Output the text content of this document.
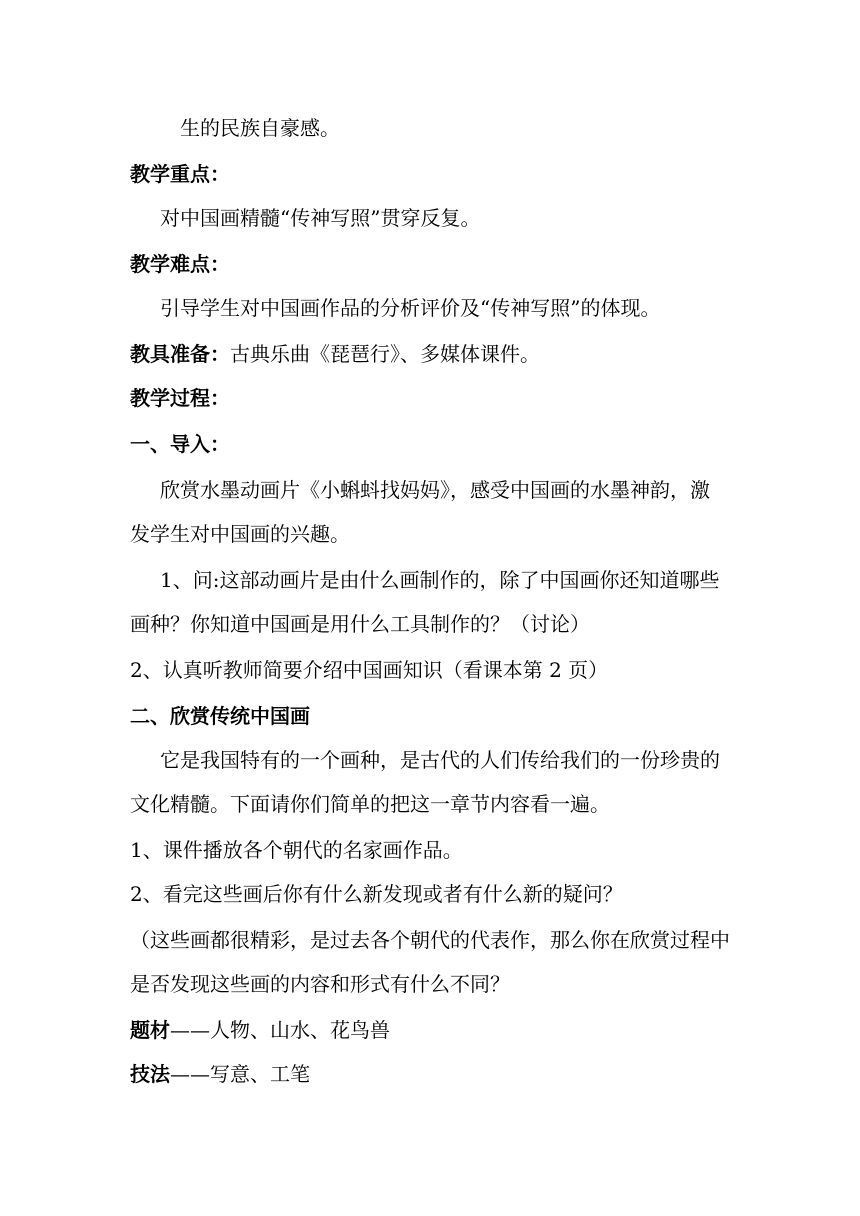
生的民族自豪感。
教学重点：
对中国画精髓“传神写照”贯穿反复。
教学难点：
引导学生对中国画作品的分析评价及“传神写照”的体现。
教具准备：古典乐曲《琵琶行》、多媒体课件。
教学过程：
一、导入：
欣赏水墨动画片《小蝌蚪找妈妈》，感受中国画的水墨神韵，激
发学生对中国画的兴趣。
1、问:这部动画片是由什么画制作的，除了中国画你还知道哪些
画种？你知道中国画是用什么工具制作的？（讨论）
2、认真听教师简要介绍中国画知识（看课本第 2 页）
二、欣赏传统中国画
它是我国特有的一个画种，是古代的人们传给我们的一份珍贵的
文化精髓。下面请你们简单的把这一章节内容看一遍。
1、课件播放各个朝代的名家画作品。
2、看完这些画后你有什么新发现或者有什么新的疑问？
（这些画都很精彩，是过去各个朝代的代表作，那么你在欣赏过程中
是否发现这些画的内容和形式有什么不同？
题材——人物、山水、花鸟兽
技法——写意、工笔
